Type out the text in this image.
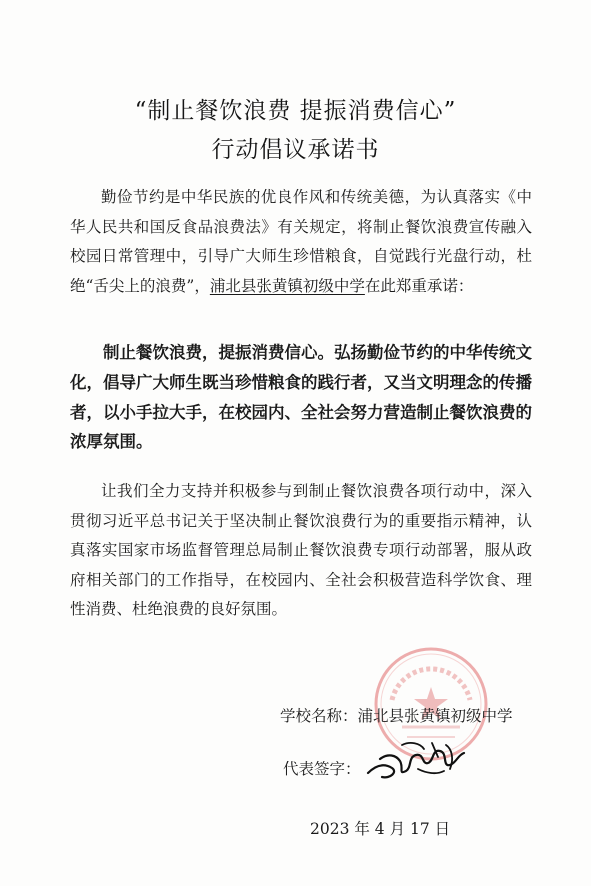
“制止餐饮浪费 提振消费信心”
行动倡议承诺书

勤俭节约是中华民族的优良作风和传统美德，为认真落实《中华人民共和国反食品浪费法》有关规定，将制止餐饮浪费宣传融入校园日常管理中，引导广大师生珍惜粮食，自觉践行光盘行动，杜绝“舌尖上的浪费”，浦北县张黄镇初级中学在此郑重承诺：

制止餐饮浪费，提振消费信心。弘扬勤俭节约的中华传统文化，倡导广大师生既当珍惜粮食的践行者，又当文明理念的传播者，以小手拉大手，在校园内、全社会努力营造制止餐饮浪费的浓厚氛围。

让我们全力支持并积极参与到制止餐饮浪费各项行动中，深入贯彻习近平总书记关于坚决制止餐饮浪费行为的重要指示精神，认真落实国家市场监督管理总局制止餐饮浪费专项行动部署，服从政府相关部门的工作指导，在校园内、全社会积极营造科学饮食、理性消费、杜绝浪费的良好氛围。

学校名称：浦北县张黄镇初级中学
代表签字：
2023 年 4 月 17 日
